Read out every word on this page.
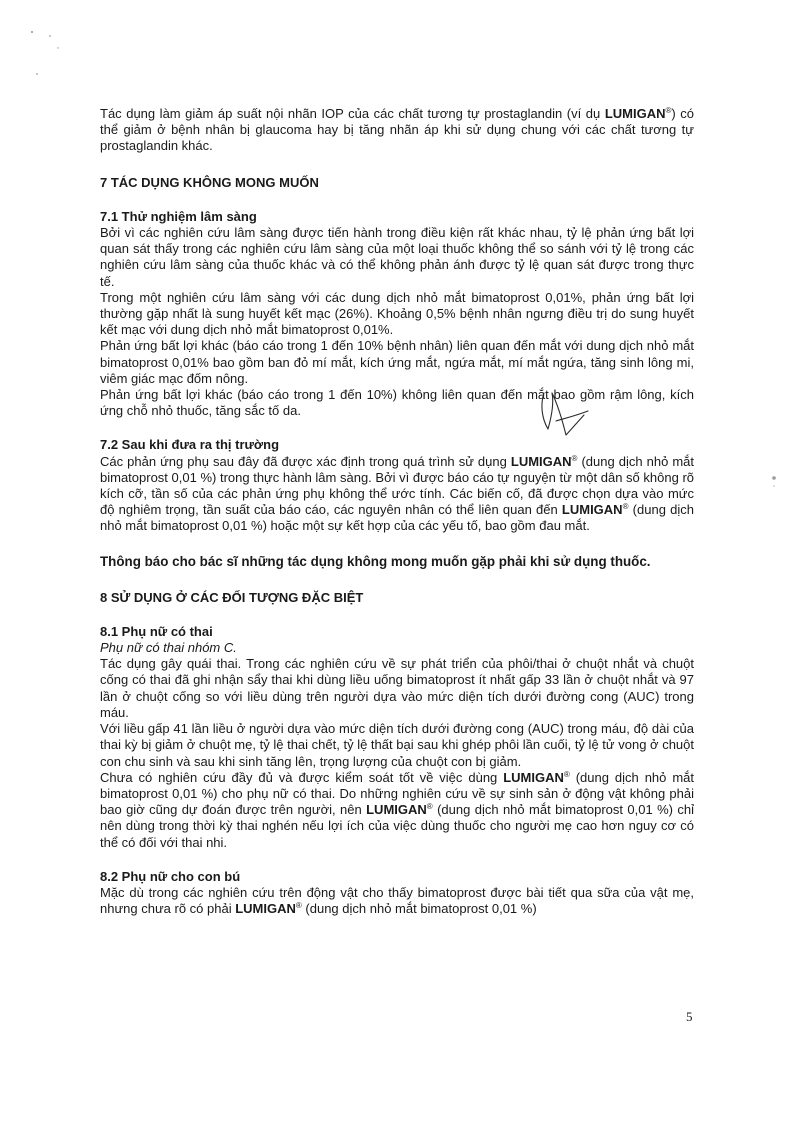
Tác dụng làm giảm áp suất nội nhãn IOP của các chất tương tự prostaglandin (ví dụ LUMIGAN®) có thể giảm ở bệnh nhân bị glaucoma hay bị tăng nhãn áp khi sử dụng chung với các chất tương tự prostaglandin khác.

7 TÁC DỤNG KHÔNG MONG MUỐN

7.1 Thử nghiệm lâm sàng

Bởi vì các nghiên cứu lâm sàng được tiến hành trong điều kiện rất khác nhau, tỷ lệ phản ứng bất lợi quan sát thấy trong các nghiên cứu lâm sàng của một loại thuốc không thể so sánh với tỷ lệ trong các nghiên cứu lâm sàng của thuốc khác và có thể không phản ánh được tỷ lệ quan sát được trong thực tế.

Trong một nghiên cứu lâm sàng với các dung dịch nhỏ mắt bimatoprost 0,01%, phản ứng bất lợi thường gặp nhất là sung huyết kết mạc (26%). Khoảng 0,5% bệnh nhân ngưng điều trị do sung huyết kết mạc với dung dịch nhỏ mắt bimatoprost 0,01%.

Phản ứng bất lợi khác (báo cáo trong 1 đến 10% bệnh nhân) liên quan đến mắt với dung dịch nhỏ mắt bimatoprost 0,01% bao gồm ban đỏ mí mắt, kích ứng mắt, ngứa mắt, mí mắt ngứa, tăng sinh lông mi, viêm giác mạc đốm nông.

Phản ứng bất lợi khác (báo cáo trong 1 đến 10%) không liên quan đến mắt bao gồm rậm lông, kích ứng chỗ nhỏ thuốc, tăng sắc tố da.

7.2 Sau khi đưa ra thị trường

Các phản ứng phụ sau đây đã được xác định trong quá trình sử dụng LUMIGAN® (dung dịch nhỏ mắt bimatoprost 0,01 %) trong thực hành lâm sàng. Bởi vì được báo cáo tự nguyện từ một dân số không rõ kích cỡ, tần số của các phản ứng phụ không thể ước tính. Các biến cố, đã được chọn dựa vào mức độ nghiêm trọng, tần suất của báo cáo, các nguyên nhân có thể liên quan đến LUMIGAN® (dung dịch nhỏ mắt bimatoprost 0,01 %) hoặc một sự kết hợp của các yếu tố, bao gồm đau mắt.

Thông báo cho bác sĩ những tác dụng không mong muốn gặp phải khi sử dụng thuốc.

8 SỬ DỤNG Ở CÁC ĐỐI TƯỢNG ĐẶC BIỆT

8.1 Phụ nữ có thai

Phụ nữ có thai nhóm C.

Tác dụng gây quái thai. Trong các nghiên cứu về sự phát triển của phôi/thai ở chuột nhắt và chuột cống có thai đã ghi nhận sẩy thai khi dùng liều uống bimatoprost ít nhất gấp 33 lần ở chuột nhắt và 97 lần ở chuột cống so với liều dùng trên người dựa vào mức diện tích dưới đường cong (AUC) trong máu.

Với liều gấp 41 lần liều ở người dựa vào mức diện tích dưới đường cong (AUC) trong máu, độ dài của thai kỳ bị giảm ở chuột mẹ, tỷ lệ thai chết, tỷ lệ thất bại sau khi ghép phôi lần cuối, tỷ lệ tử vong ở chuột con chu sinh và sau khi sinh tăng lên, trọng lượng của chuột con bị giảm.

Chưa có nghiên cứu đầy đủ và được kiểm soát tốt về việc dùng LUMIGAN® (dung dịch nhỏ mắt bimatoprost 0,01 %) cho phụ nữ có thai. Do những nghiên cứu về sự sinh sản ở động vật không phải bao giờ cũng dự đoán được trên người, nên LUMIGAN® (dung dịch nhỏ mắt bimatoprost 0,01 %) chỉ nên dùng trong thời kỳ thai nghén nếu lợi ích của việc dùng thuốc cho người mẹ cao hơn nguy cơ có thể có đối với thai nhi.

8.2 Phụ nữ cho con bú

Mặc dù trong các nghiên cứu trên động vật cho thấy bimatoprost được bài tiết qua sữa của vật mẹ, nhưng chưa rõ có phải LUMIGAN® (dung dịch nhỏ mắt bimatoprost 0,01 %)

5
